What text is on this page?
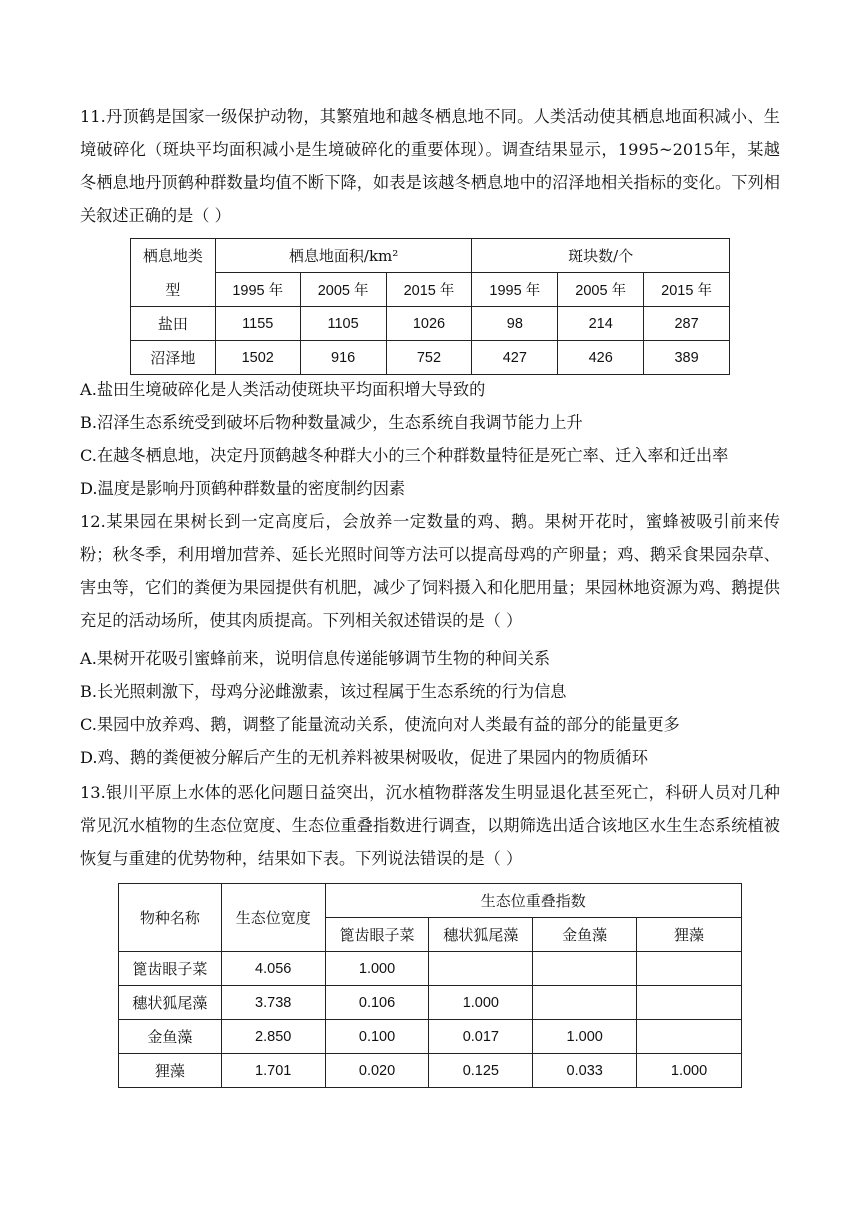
11.丹顶鹤是国家一级保护动物，其繁殖地和越冬栖息地不同。人类活动使其栖息地面积减小、生境破碎化（斑块平均面积减小是生境破碎化的重要体现）。调查结果显示，1995~2015年，某越冬栖息地丹顶鹤种群数量均值不断下降，如表是该越冬栖息地中的沼泽地相关指标的变化。下列相关叙述正确的是（ ）

栖息地类	栖息地面积/km²			斑块数/个		
型	1995 年	2005 年	2015 年	1995 年	2005 年	2015 年
盐田	1155	1105	1026	98	214	287
沼泽地	1502	916	752	427	426	389
A.盐田生境破碎化是人类活动使斑块平均面积增大导致的
B.沼泽生态系统受到破坏后物种数量减少，生态系统自我调节能力上升
C.在越冬栖息地，决定丹顶鹤越冬种群大小的三个种群数量特征是死亡率、迁入率和迁出率
D.温度是影响丹顶鹤种群数量的密度制约因素

12.某果园在果树长到一定高度后，会放养一定数量的鸡、鹅。果树开花时，蜜蜂被吸引前来传粉；秋冬季，利用增加营养、延长光照时间等方法可以提高母鸡的产卵量；鸡、鹅采食果园杂草、害虫等，它们的粪便为果园提供有机肥，减少了饲料摄入和化肥用量；果园林地资源为鸡、鹅提供充足的活动场所，使其肉质提高。下列相关叙述错误的是（ ）

A.果树开花吸引蜜蜂前来，说明信息传递能够调节生物的种间关系
B.长光照刺激下，母鸡分泌雌激素，该过程属于生态系统的行为信息
C.果园中放养鸡、鹅，调整了能量流动关系，使流向对人类最有益的部分的能量更多
D.鸡、鹅的粪便被分解后产生的无机养料被果树吸收，促进了果园内的物质循环

13.银川平原上水体的恶化问题日益突出，沉水植物群落发生明显退化甚至死亡，科研人员对几种常见沉水植物的生态位宽度、生态位重叠指数进行调查，以期筛选出适合该地区水生生态系统植被恢复与重建的优势物种，结果如下表。下列说法错误的是（ ）

物种名称	生态位宽度	生态位重叠指数			
		篦齿眼子菜	穗状狐尾藻	金鱼藻	狸藻
篦齿眼子菜	4.056	1.000			
穗状狐尾藻	3.738	0.106	1.000		
金鱼藻	2.850	0.100	0.017	1.000	
狸藻	1.701	0.020	0.125	0.033	1.000
